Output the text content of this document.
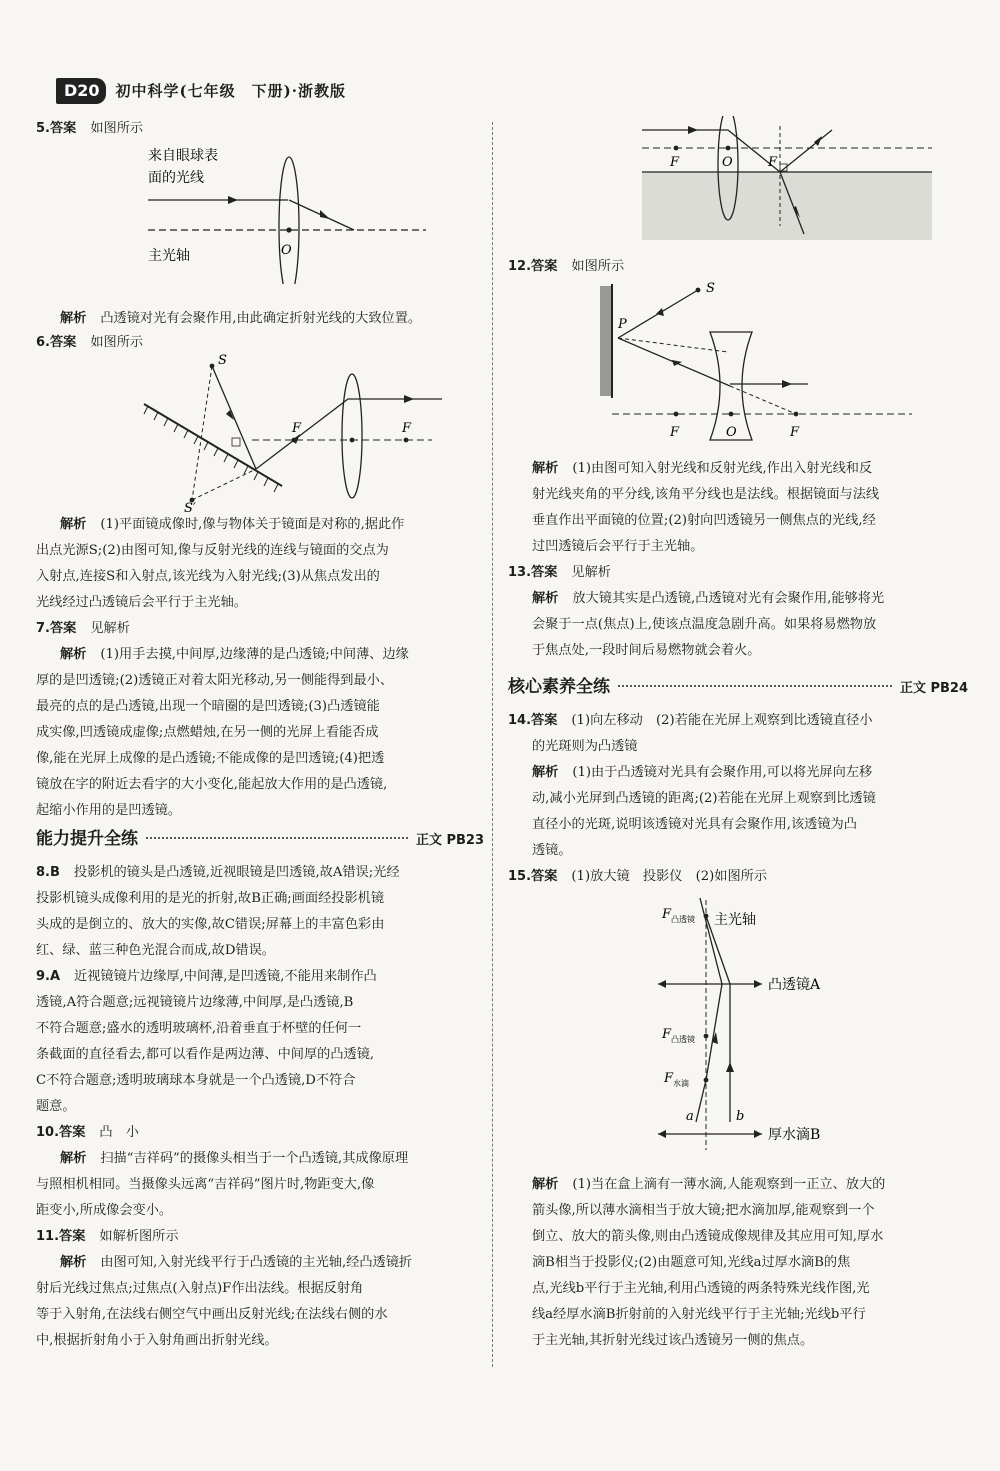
D20	初中科学(七年级　下册)·浙教版

5.答案 如图所示

来自眼球表
面的光线
主光轴	O

解析 凸透镜对光有会聚作用,由此确定折射光线的大致位置。

6.答案 如图所示

S
S′
F	F

解析 (1)平面镜成像时,像与物体关于镜面是对称的,据此作

出点光源S;(2)由图可知,像与反射光线的连线与镜面的交点为

入射点,连接S和入射点,该光线为入射光线;(3)从焦点发出的

光线经过凸透镜后会平行于主光轴。

7.答案 见解析

解析 (1)用手去摸,中间厚,边缘薄的是凸透镜;中间薄、边缘

厚的是凹透镜;(2)透镜正对着太阳光移动,另一侧能得到最小、

最亮的点的是凸透镜,出现一个暗圈的是凹透镜;(3)凸透镜能

成实像,凹透镜成虚像;点燃蜡烛,在另一侧的光屏上看能否成

像,能在光屏上成像的是凸透镜;不能成像的是凹透镜;(4)把透

镜放在字的附近去看字的大小变化,能起放大作用的是凸透镜,

起缩小作用的是凹透镜。

能力提升全练	正文 PB23

8.B 投影机的镜头是凸透镜,近视眼镜是凹透镜,故A错误;光经

投影机镜头成像利用的是光的折射,故B正确;画面经投影机镜

头成的是倒立的、放大的实像,故C错误;屏幕上的丰富色彩由

红、绿、蓝三种色光混合而成,故D错误。

9.A 近视镜镜片边缘厚,中间薄,是凹透镜,不能用来制作凸

透镜,A符合题意;远视镜镜片边缘薄,中间厚,是凸透镜,B

不符合题意;盛水的透明玻璃杯,沿着垂直于杯壁的任何一

条截面的直径看去,都可以看作是两边薄、中间厚的凸透镜,

C不符合题意;透明玻璃球本身就是一个凸透镜,D不符合

题意。

10.答案 凸　小

解析 扫描“吉祥码”的摄像头相当于一个凸透镜,其成像原理

与照相机相同。当摄像头远离“吉祥码”图片时,物距变大,像

距变小,所成像会变小。

11.答案 如解析图所示

解析 由图可知,入射光线平行于凸透镜的主光轴,经凸透镜折

射后光线过焦点;过焦点(入射点)F作出法线。根据反射角

等于入射角,在法线右侧空气中画出反射光线;在法线右侧的水

中,根据折射角小于入射角画出折射光线。

F	O	F

12.答案 如图所示

S
P
F	O	F

解析 (1)由图可知入射光线和反射光线,作出入射光线和反

射光线夹角的平分线,该角平分线也是法线。根据镜面与法线

垂直作出平面镜的位置;(2)射向凹透镜另一侧焦点的光线,经

过凹透镜后会平行于主光轴。

13.答案 见解析

解析 放大镜其实是凸透镜,凸透镜对光有会聚作用,能够将光

会聚于一点(焦点)上,使该点温度急剧升高。如果将易燃物放

于焦点处,一段时间后易燃物就会着火。

核心素养全练	正文 PB24

14.答案 (1)向左移动　(2)若能在光屏上观察到比透镜直径小

的光斑则为凸透镜

解析 (1)由于凸透镜对光具有会聚作用,可以将光屏向左移

动,减小光屏到凸透镜的距离;(2)若能在光屏上观察到比透镜

直径小的光斑,说明该透镜对光具有会聚作用,该透镜为凸

透镜。

15.答案 (1)放大镜　投影仪　(2)如图所示

F 凸透镜 主光轴
凸透镜A
F 凸透镜
F 水滴
a	b
厚水滴B

解析 (1)当在盒上滴有一薄水滴,人能观察到一正立、放大的

箭头像,所以薄水滴相当于放大镜;把水滴加厚,能观察到一个

倒立、放大的箭头像,则由凸透镜成像规律及其应用可知,厚水

滴B相当于投影仪;(2)由题意可知,光线a过厚水滴B的焦

点,光线b平行于主光轴,利用凸透镜的两条特殊光线作图,光

线a经厚水滴B折射前的入射光线平行于主光轴;光线b平行

于主光轴,其折射光线过该凸透镜另一侧的焦点。
